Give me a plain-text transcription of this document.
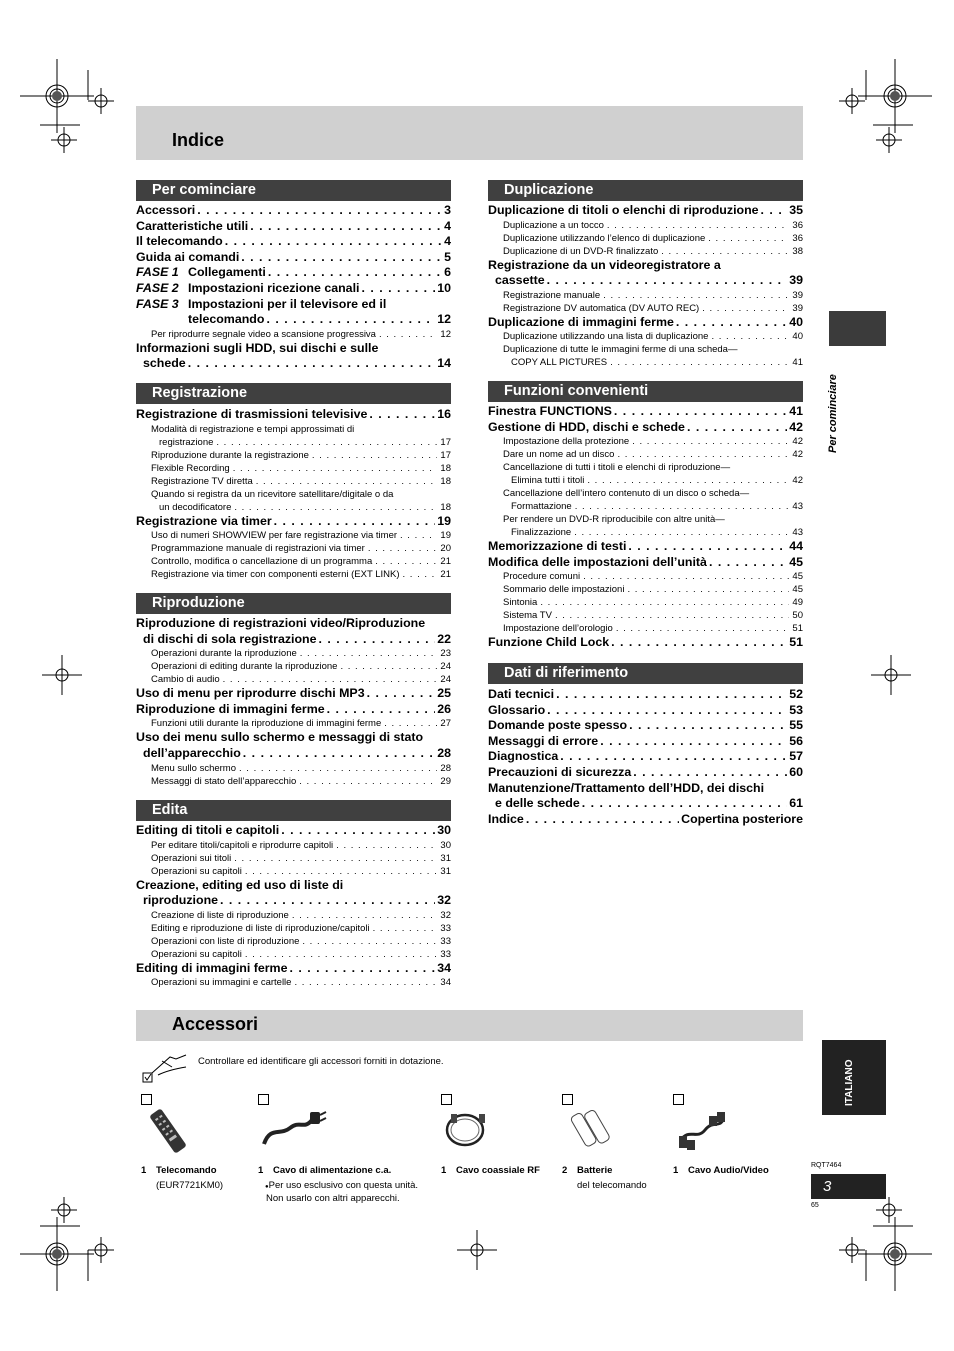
Indice
Per cominciare
Per cominciare
Accessori . . .	3
Caratteristiche utili . . .	4
Il telecomando . . .	4
Guida ai comandi . . .	5
FASE 1 Collegamenti . . .	6
FASE 2 Impostazioni ricezione canali . . .	10
FASE 3 Impostazioni per il televisore ed il
telecomando . . .	12
Per riprodurre segnale video a scansione progressiva . . .	12
Informazioni sugli HDD, sui dischi e sulle
schede . . .	14
Registrazione
Registrazione di trasmissioni televisive . . .	16
Modalità di registrazione e tempi approssimati di
registrazione . . .	17
Riproduzione durante la registrazione . . .	17
Flexible Recording . . .	18
Registrazione TV diretta . . .	18
Quando si registra da un ricevitore satellitare/digitale o da
un decodificatore . . .	18
Registrazione via timer . . .	19
Uso di numeri SHOWVIEW per fare registrazione via timer . . .	19
Programmazione manuale di registrazioni via timer . . .	20
Controllo, modifica o cancellazione di un programma . . .	21
Registrazione via timer con componenti esterni (EXT LINK) . . .	21
Riproduzione
Riproduzione di registrazioni video/Riproduzione
di dischi di sola registrazione . . .	22
Operazioni durante la riproduzione . . .	23
Operazioni di editing durante la riproduzione . . .	24
Cambio di audio . . .	24
Uso di menu per riprodurre dischi MP3 . . .	25
Riproduzione di immagini ferme . . .	26
Funzioni utili durante la riproduzione di immagini ferme . . .	27
Uso dei menu sullo schermo e messaggi di stato
dell’apparecchio . . .	28
Menu sullo schermo . . .	28
Messaggi di stato dell’apparecchio . . .	29
Edita
Editing di titoli e capitoli . . .	30
Per editare titoli/capitoli e riprodurre capitoli . . .	30
Operazioni sui titoli . . .	31
Operazioni su capitoli . . .	31
Creazione, editing ed uso di liste di
riproduzione . . .	32
Creazione di liste di riproduzione . . .	32
Editing e riproduzione di liste di riproduzione/capitoli . . .	33
Operazioni con liste di riproduzione . . .	33
Operazioni su capitoli . . .	33
Editing di immagini ferme . . .	34
Operazioni su immagini e cartelle . . .	34
Duplicazione
Duplicazione di titoli o elenchi di riproduzione . . . 35
Duplicazione a un tocco . . .	36
Duplicazione utilizzando l’elenco di duplicazione . . .	36
Duplicazione di un DVD-R finalizzato . . .	38
Registrazione da un videoregistratore a
cassette . . .	39
Registrazione manuale . . .	39
Registrazione DV automatica (DV AUTO REC) . . .	39
Duplicazione di immagini ferme . . .	40
Duplicazione utilizzando una lista di duplicazione . . .	40
Duplicazione di tutte le immagini ferme di una scheda—
COPY ALL PICTURES . . .	41
Funzioni convenienti
Finestra FUNCTIONS . . .	41
Gestione di HDD, dischi e schede . . .	42
Impostazione della protezione . . .	42
Dare un nome ad un disco . . .	42
Cancellazione di tutti i titoli e elenchi di riproduzione—
Elimina tutti i titoli . . .	42
Cancellazione dell’intero contenuto di un disco o scheda—
Formattazione . . .	43
Per rendere un DVD-R riproducibile con altre unità—
Finalizzazione . . .	43
Memorizzazione di testi . . .	44
Modifica delle impostazioni dell’unità . . .	45
Procedure comuni . . .	45
Sommario delle impostazioni . . .	45
Sintonia . . .	49
Sistema TV . . .	50
Impostazione dell’orologio . . .	51
Funzione Child Lock . . .	51
Dati di riferimento
Dati tecnici . . .	52
Glossario . . .	53
Domande poste spesso . . .	55
Messaggi di errore . . .	56
Diagnostica . . .	57
Precauzioni di sicurezza . . .	60
Manutenzione/Trattamento dell’HDD, dei dischi
e delle schede . . .	61
Indice . . .	Copertina posteriore
Accessori
Controllare ed identificare gli accessori forniti in dotazione.
1 Telecomando
(EUR7721KM0)
1 Cavo di alimentazione c.a.
●Per uso esclusivo con questa unità.
Non usarlo con altri apparecchi.
1 Cavo coassiale RF 2 Batterie
del telecomando
1 Cavo Audio/Video
ITALIANO
RQT7464
3
65
